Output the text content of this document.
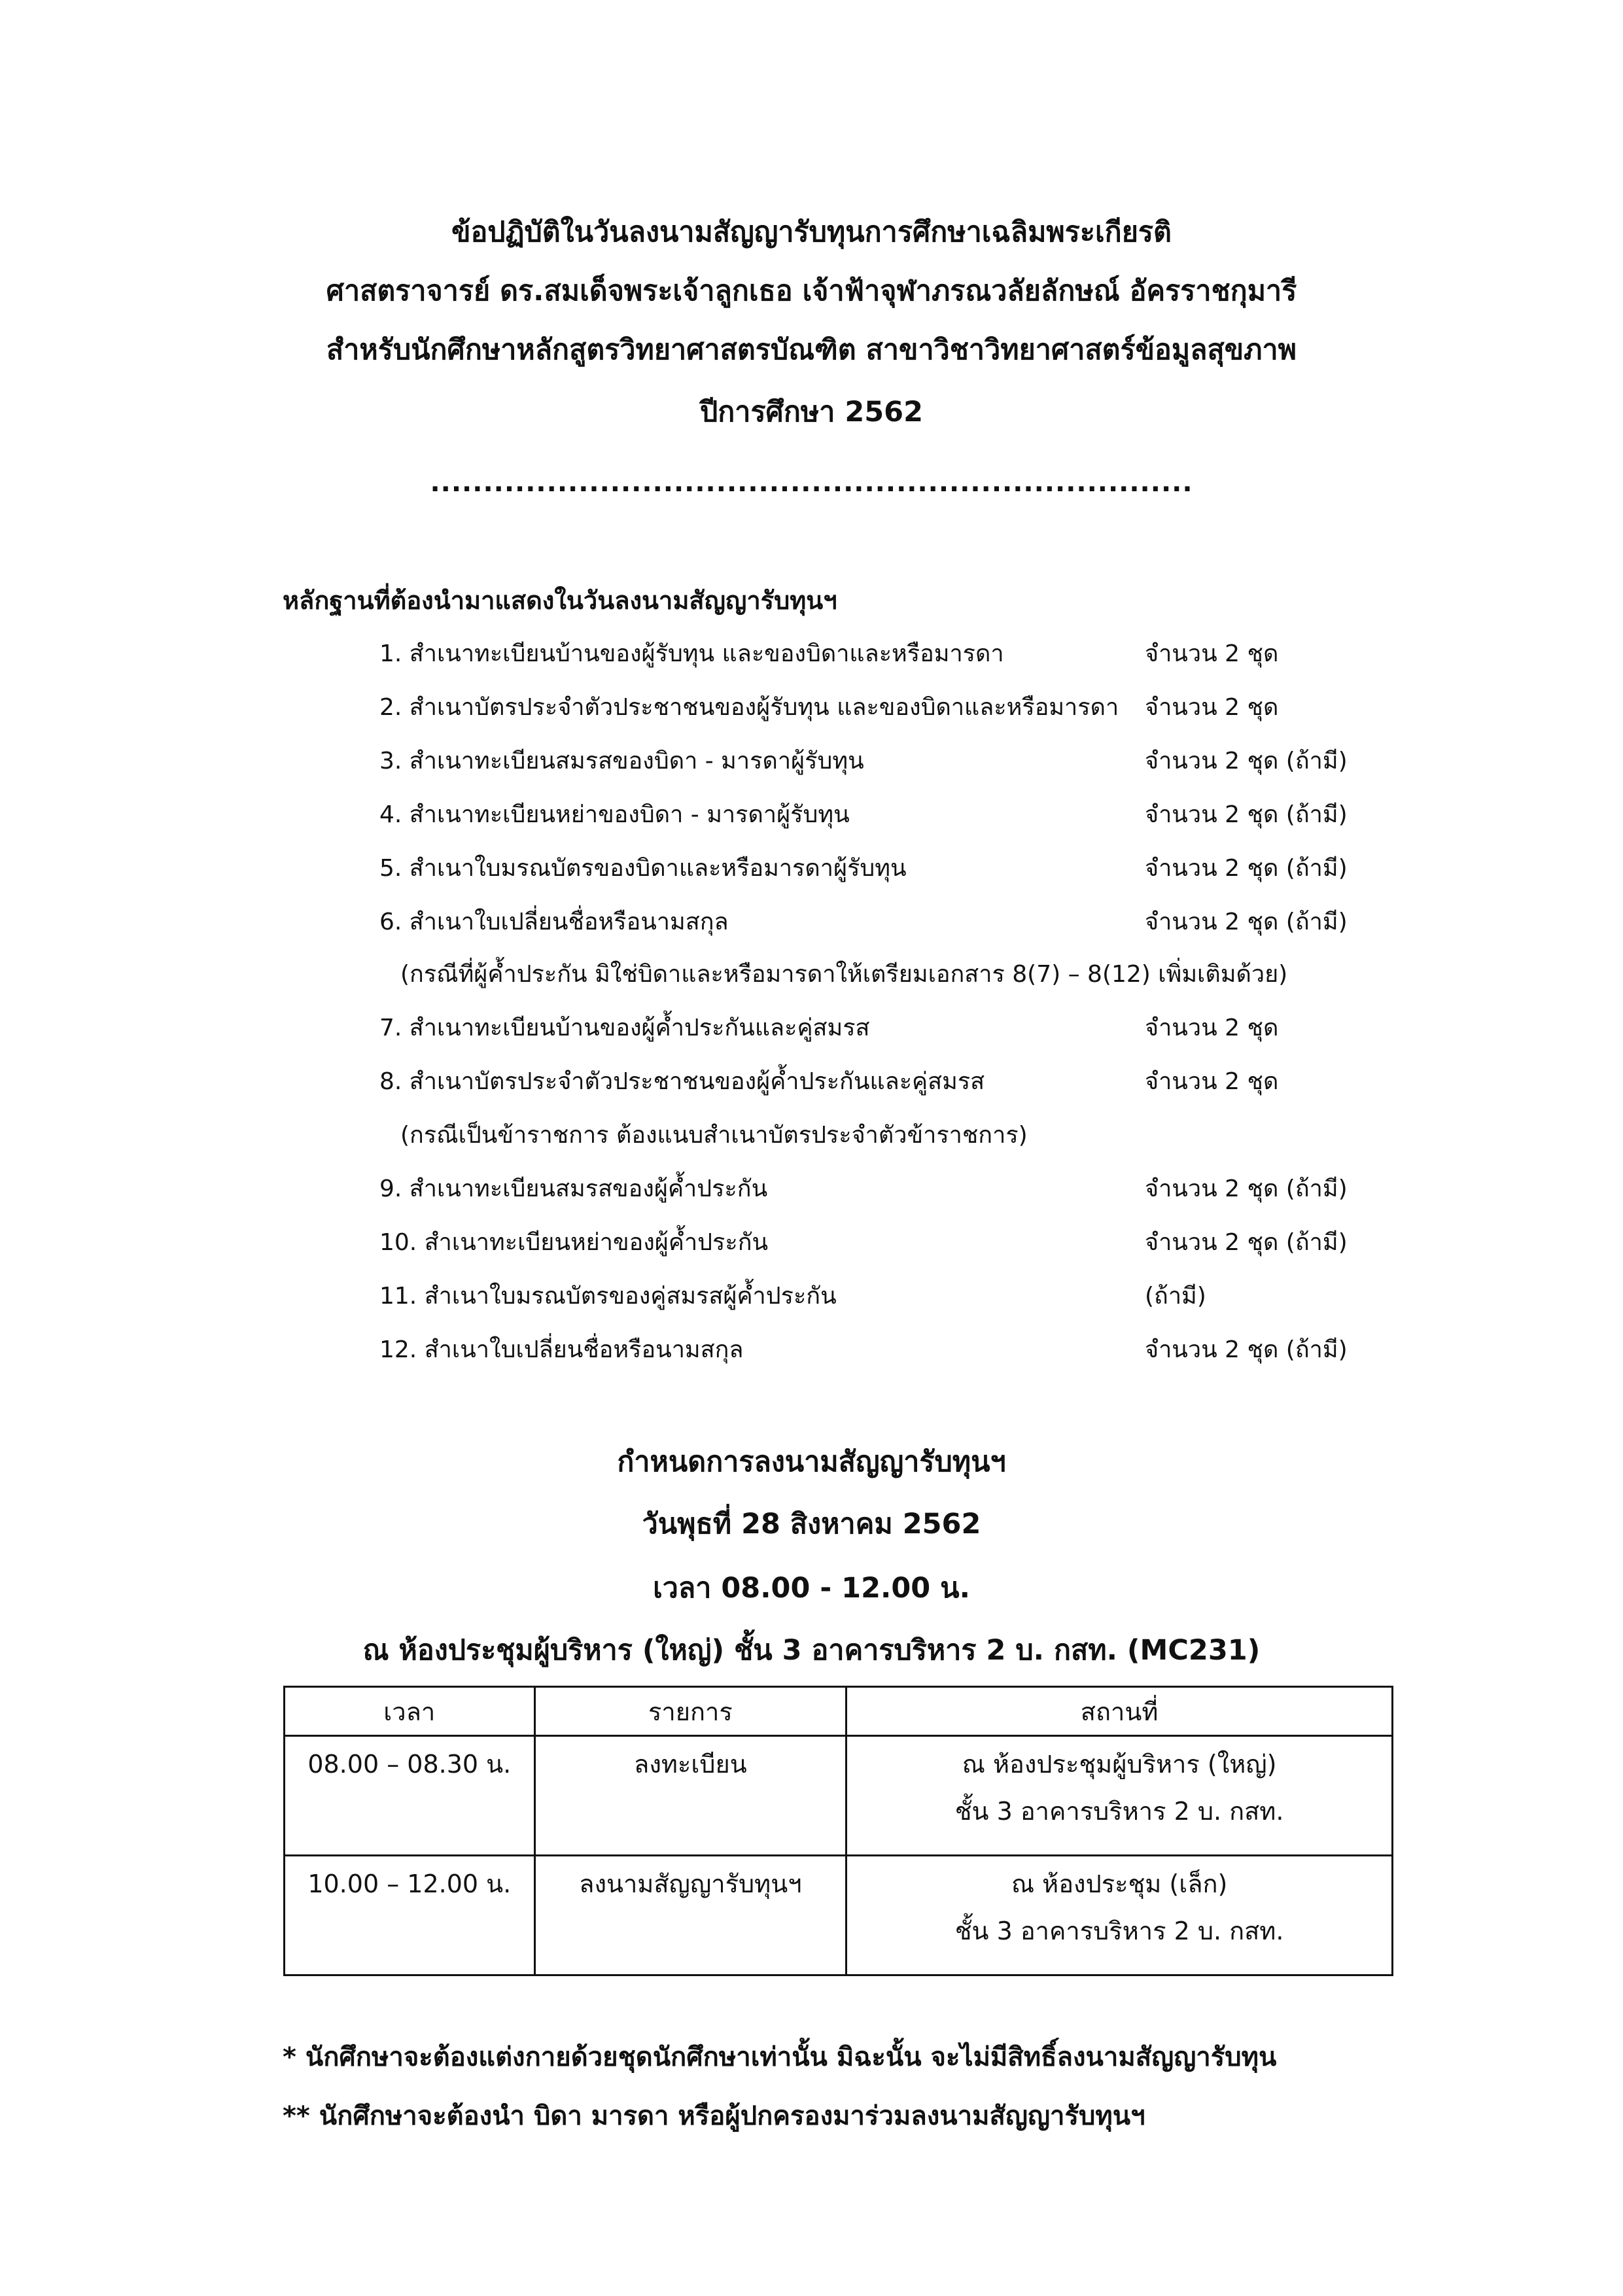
ข้อปฏิบัติในวันลงนามสัญญารับทุนการศึกษาเฉลิมพระเกียรติ
ศาสตราจารย์ ดร.สมเด็จพระเจ้าลูกเธอ เจ้าฟ้าจุฬาภรณวลัยลักษณ์ อัครราชกุมารี
สำหรับนักศึกษาหลักสูตรวิทยาศาสตรบัณฑิต สาขาวิชาวิทยาศาสตร์ข้อมูลสุขภาพ
ปีการศึกษา 2562
........................................................................
หลักฐานที่ต้องนำมาแสดงในวันลงนามสัญญารับทุนฯ
1. สำเนาทะเบียนบ้านของผู้รับทุน และของบิดาและหรือมารดา	จำนวน 2 ชุด
2. สำเนาบัตรประจำตัวประชาชนของผู้รับทุน และของบิดาและหรือมารดา จำนวน 2 ชุด
3. สำเนาทะเบียนสมรสของบิดา - มารดาผู้รับทุน	จำนวน 2 ชุด (ถ้ามี)
4. สำเนาทะเบียนหย่าของบิดา - มารดาผู้รับทุน	จำนวน 2 ชุด (ถ้ามี)
5. สำเนาใบมรณบัตรของบิดาและหรือมารดาผู้รับทุน	จำนวน 2 ชุด (ถ้ามี)
6. สำเนาใบเปลี่ยนชื่อหรือนามสกุล	จำนวน 2 ชุด (ถ้ามี)
(กรณีที่ผู้ค้ำประกัน มิใช่บิดาและหรือมารดาให้เตรียมเอกสาร 8(7) – 8(12) เพิ่มเติมด้วย)
7. สำเนาทะเบียนบ้านของผู้ค้ำประกันและคู่สมรส	จำนวน 2 ชุด
8. สำเนาบัตรประจำตัวประชาชนของผู้ค้ำประกันและคู่สมรส	จำนวน 2 ชุด
(กรณีเป็นข้าราชการ ต้องแนบสำเนาบัตรประจำตัวข้าราชการ)
9. สำเนาทะเบียนสมรสของผู้ค้ำประกัน	จำนวน 2 ชุด (ถ้ามี)
10. สำเนาทะเบียนหย่าของผู้ค้ำประกัน	จำนวน 2 ชุด (ถ้ามี)
11. สำเนาใบมรณบัตรของคู่สมรสผู้ค้ำประกัน	(ถ้ามี)
12. สำเนาใบเปลี่ยนชื่อหรือนามสกุล	จำนวน 2 ชุด (ถ้ามี)
กำหนดการลงนามสัญญารับทุนฯ
วันพุธที่ 28 สิงหาคม 2562
เวลา 08.00 - 12.00 น.
ณ ห้องประชุมผู้บริหาร (ใหญ่) ชั้น 3 อาคารบริหาร 2 บ. กสท. (MC231)
เวลา	รายการ	สถานที่
08.00 – 08.30 น.	ลงทะเบียน	ณ ห้องประชุมผู้บริหาร (ใหญ่)
ชั้น 3 อาคารบริหาร 2 บ. กสท.

10.00 – 12.00 น.	ลงนามสัญญารับทุนฯ	ณ ห้องประชุม (เล็ก)
ชั้น 3 อาคารบริหาร 2 บ. กสท.
* นักศึกษาจะต้องแต่งกายด้วยชุดนักศึกษาเท่านั้น มิฉะนั้น จะไม่มีสิทธิ์ลงนามสัญญารับทุน
** นักศึกษาจะต้องนำ บิดา มารดา หรือผู้ปกครองมาร่วมลงนามสัญญารับทุนฯ
